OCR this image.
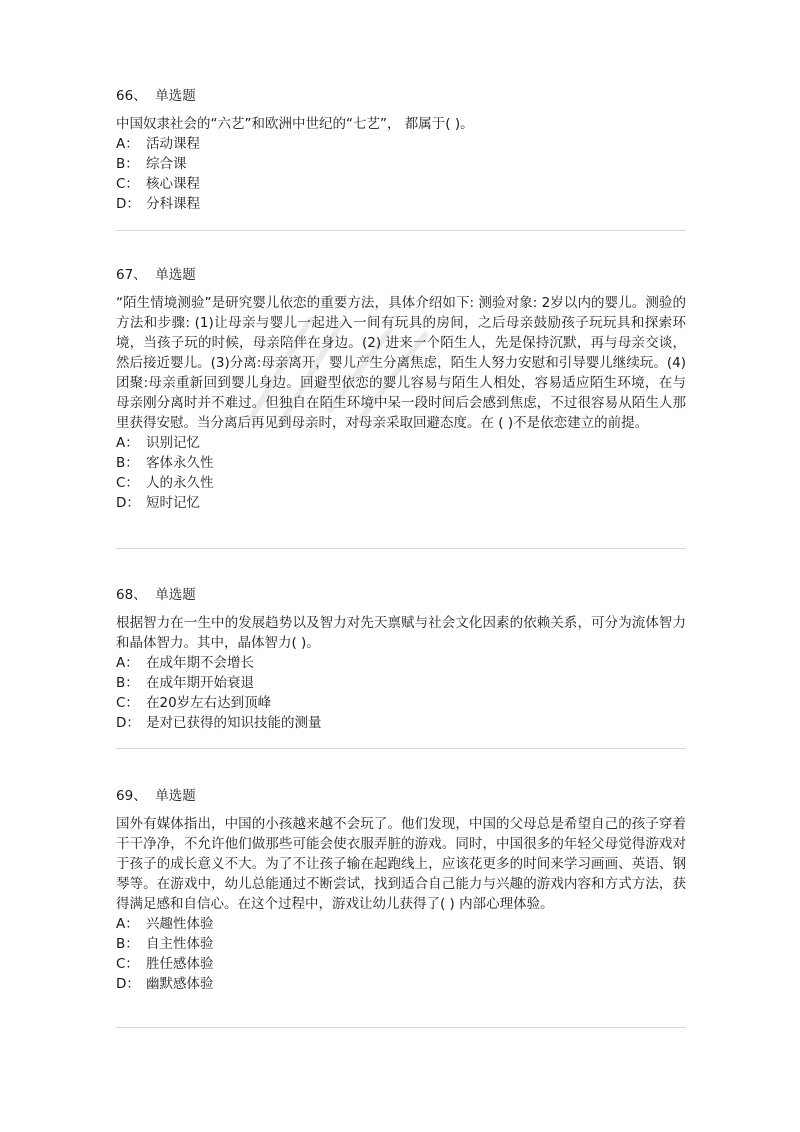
66、 单选题
中国奴隶社会的“六艺”和欧洲中世纪的“七艺”， 都属于( )。
A： 活动课程
B： 综合课
C： 核心课程
D： 分科课程
67、 单选题
“陌生情境测验”是研究婴儿依恋的重要方法，具体介绍如下: 测验对象: 2岁以内的婴儿。测验的方法和步骤: (1)让母亲与婴儿一起进入一间有玩具的房间，之后母亲鼓励孩子玩玩具和探索环境，当孩子玩的时候，母亲陪伴在身边。(2) 进来一个陌生人，先是保持沉默，再与母亲交谈，然后接近婴儿。(3)分离:母亲离开，婴儿产生分离焦虑，陌生人努力安慰和引导婴儿继续玩。(4)团聚:母亲重新回到婴儿身边。回避型依恋的婴儿容易与陌生人相处，容易适应陌生环境，在与母亲刚分离时并不难过。但独自在陌生环境中呆一段时间后会感到焦虑，不过很容易从陌生人那里获得安慰。当分离后再见到母亲时，对母亲采取回避态度。在 ( )不是依恋建立的前提。
A： 识别记忆
B： 客体永久性
C： 人的永久性
D： 短时记忆
68、 单选题
根据智力在一生中的发展趋势以及智力对先天禀赋与社会文化因素的依赖关系，可分为流体智力和晶体智力。其中，晶体智力( )。
A： 在成年期不会增长
B： 在成年期开始衰退
C： 在20岁左右达到顶峰
D： 是对已获得的知识技能的测量
69、 单选题
国外有媒体指出，中国的小孩越来越不会玩了。他们发现，中国的父母总是希望自己的孩子穿着干干净净，不允许他们做那些可能会使衣服弄脏的游戏。同时，中国很多的年轻父母觉得游戏对于孩子的成长意义不大。为了不让孩子输在起跑线上，应该花更多的时间来学习画画、英语、钢琴等。在游戏中，幼儿总能通过不断尝试，找到适合自己能力与兴趣的游戏内容和方式方法，获得满足感和自信心。在这个过程中，游戏让幼儿获得了( ) 内部心理体验。
A： 兴趣性体验
B： 自主性体验
C： 胜任感体验
D： 幽默感体验
